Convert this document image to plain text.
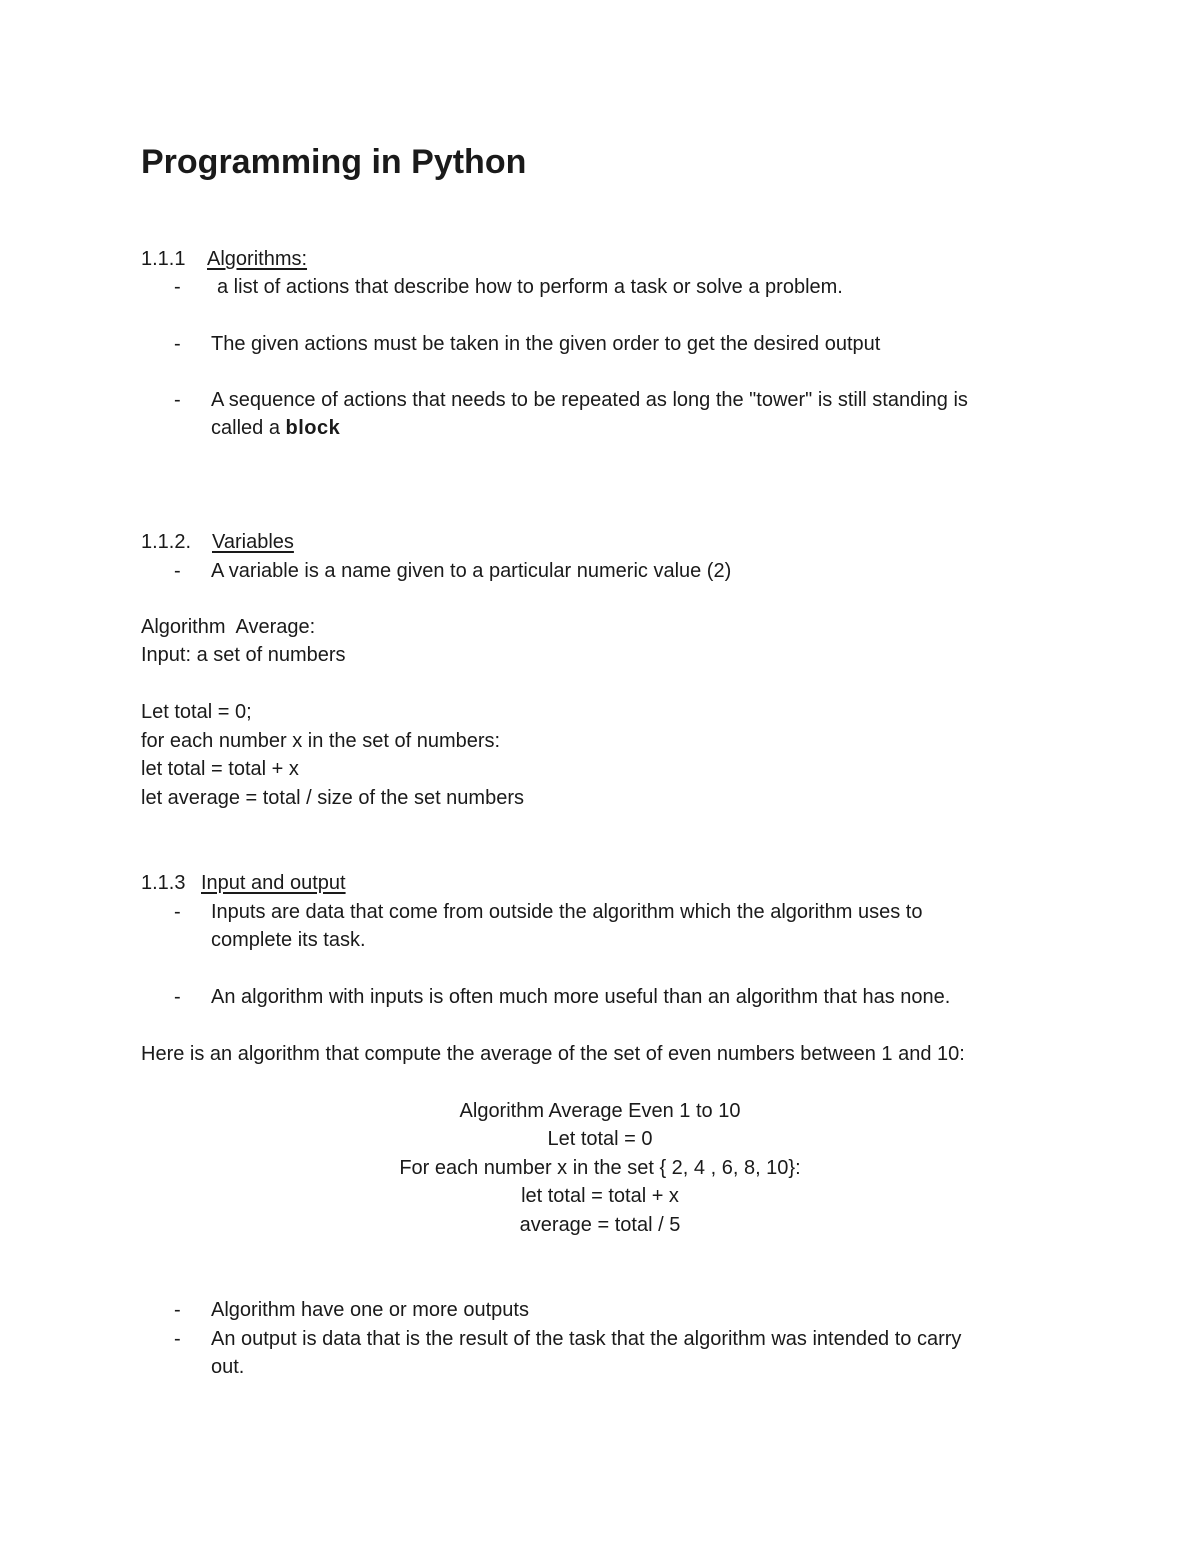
Programming in Python
1.1.1 Algorithms:
- a list of actions that describe how to perform a task or solve a problem.
- The given actions must be taken in the given order to get the desired output
- A sequence of actions that needs to be repeated as long the "tower" is still standing is
called a block
1.1.2. Variables
- A variable is a name given to a particular numeric value (2)
Algorithm  Average:
Input: a set of numbers
Let total = 0;
for each number x in the set of numbers:
let total = total + x
let average = total / size of the set numbers
1.1.3 Input and output
- Inputs are data that come from outside the algorithm which the algorithm uses to
complete its task.
- An algorithm with inputs is often much more useful than an algorithm that has none.
Here is an algorithm that compute the average of the set of even numbers between 1 and 10:
Algorithm Average Even 1 to 10
Let total = 0
For each number x in the set { 2, 4 , 6, 8, 10}:
let total = total + x
average = total / 5
- Algorithm have one or more outputs
- An output is data that is the result of the task that the algorithm was intended to carry
out.
